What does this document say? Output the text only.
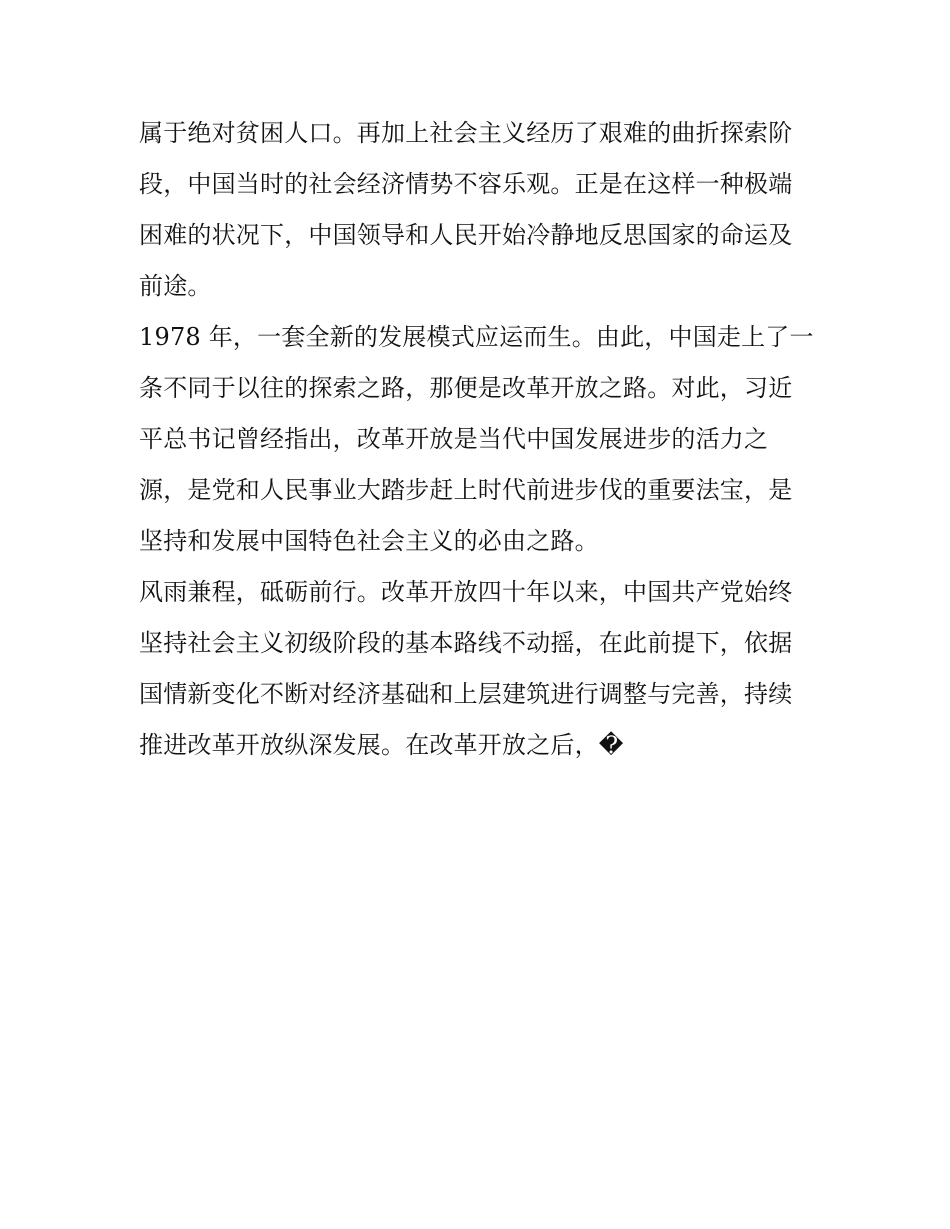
属于绝对贫困人口。再加上社会主义经历了艰难的曲折探索阶
段，中国当时的社会经济情势不容乐观。正是在这样一种极端
困难的状况下，中国领导和人民开始冷静地反思国家的命运及
前途。
1978 年，一套全新的发展模式应运而生。由此，中国走上了一
条不同于以往的探索之路，那便是改革开放之路。对此，习近
平总书记曾经指出，改革开放是当代中国发展进步的活力之
源，是党和人民事业大踏步赶上时代前进步伐的重要法宝，是
坚持和发展中国特色社会主义的必由之路。
风雨兼程，砥砺前行。改革开放四十年以来，中国共产党始终
坚持社会主义初级阶段的基本路线不动摇，在此前提下，依据
国情新变化不断对经济基础和上层建筑进行调整与完善，持续
推进改革开放纵深发展。在改革开放之后，�
